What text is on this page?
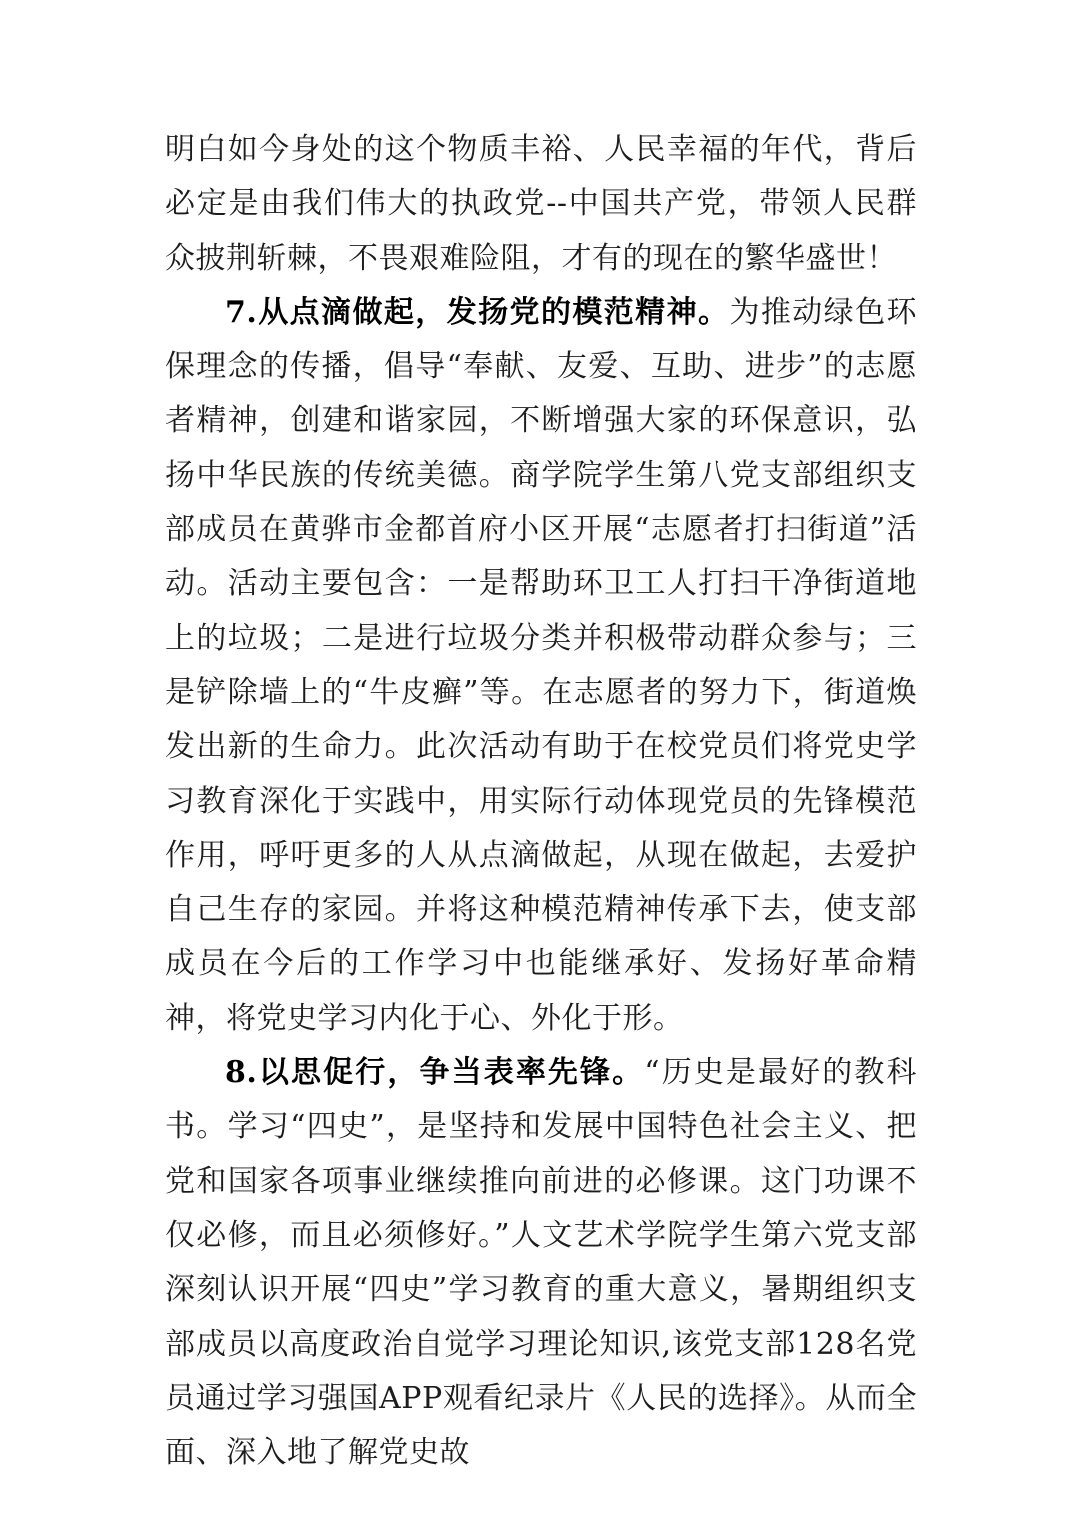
明白如今身处的这个物质丰裕、人民幸福的年代，背后必定是由我们伟大的执政党--中国共产党，带领人民群众披荆斩棘，不畏艰难险阻，才有的现在的繁华盛世！

7.从点滴做起，发扬党的模范精神。为推动绿色环保理念的传播，倡导“奉献、友爱、互助、进步”的志愿者精神，创建和谐家园，不断增强大家的环保意识，弘扬中华民族的传统美德。商学院学生第八党支部组织支部成员在黄骅市金都首府小区开展“志愿者打扫街道”活动。活动主要包含：一是帮助环卫工人打扫干净街道地上的垃圾；二是进行垃圾分类并积极带动群众参与；三是铲除墙上的“牛皮癣”等。在志愿者的努力下，街道焕发出新的生命力。此次活动有助于在校党员们将党史学习教育深化于实践中，用实际行动体现党员的先锋模范作用，呼吁更多的人从点滴做起，从现在做起，去爱护自己生存的家园。并将这种模范精神传承下去，使支部成员在今后的工作学习中也能继承好、发扬好革命精神，将党史学习内化于心、外化于形。

8.以思促行，争当表率先锋。“历史是最好的教科书。学习“四史”，是坚持和发展中国特色社会主义、把党和国家各项事业继续推向前进的必修课。这门功课不仅必修，而且必须修好。”人文艺术学院学生第六党支部深刻认识开展“四史”学习教育的重大意义，暑期组织支部成员以高度政治自觉学习理论知识,该党支部128名党员通过学习强国APP观看纪录片《人民的选择》。从而全面、深入地了解党史故
